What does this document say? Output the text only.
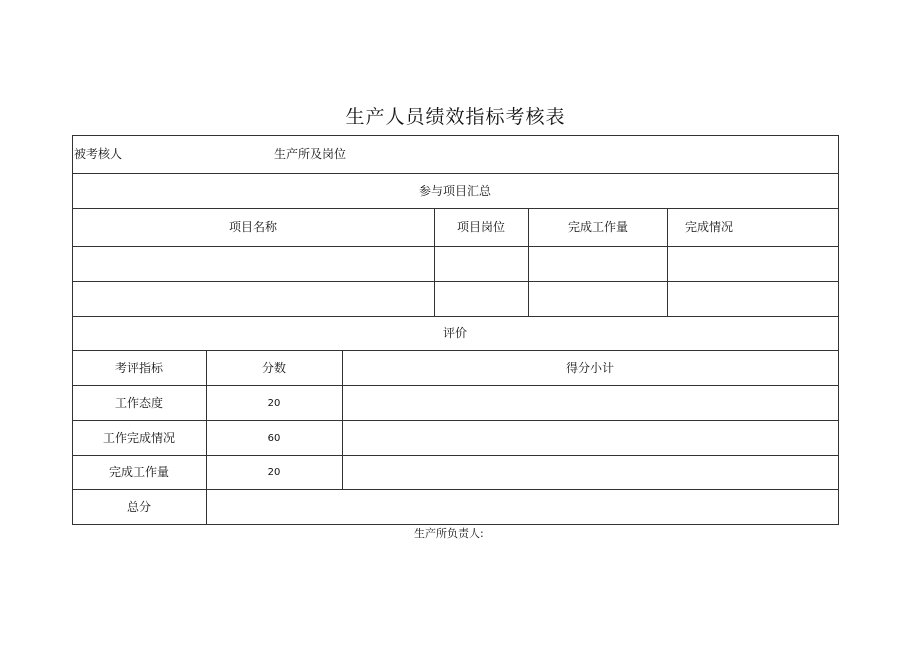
生产人员绩效指标考核表
被考核人	生产所及岗位
参与项目汇总
项目名称	项目岗位	完成工作量	完成情况
评价
考评指标	分数	得分小计
工作态度	20
工作完成情况	60
完成工作量	20
总分
生产所负责人:
